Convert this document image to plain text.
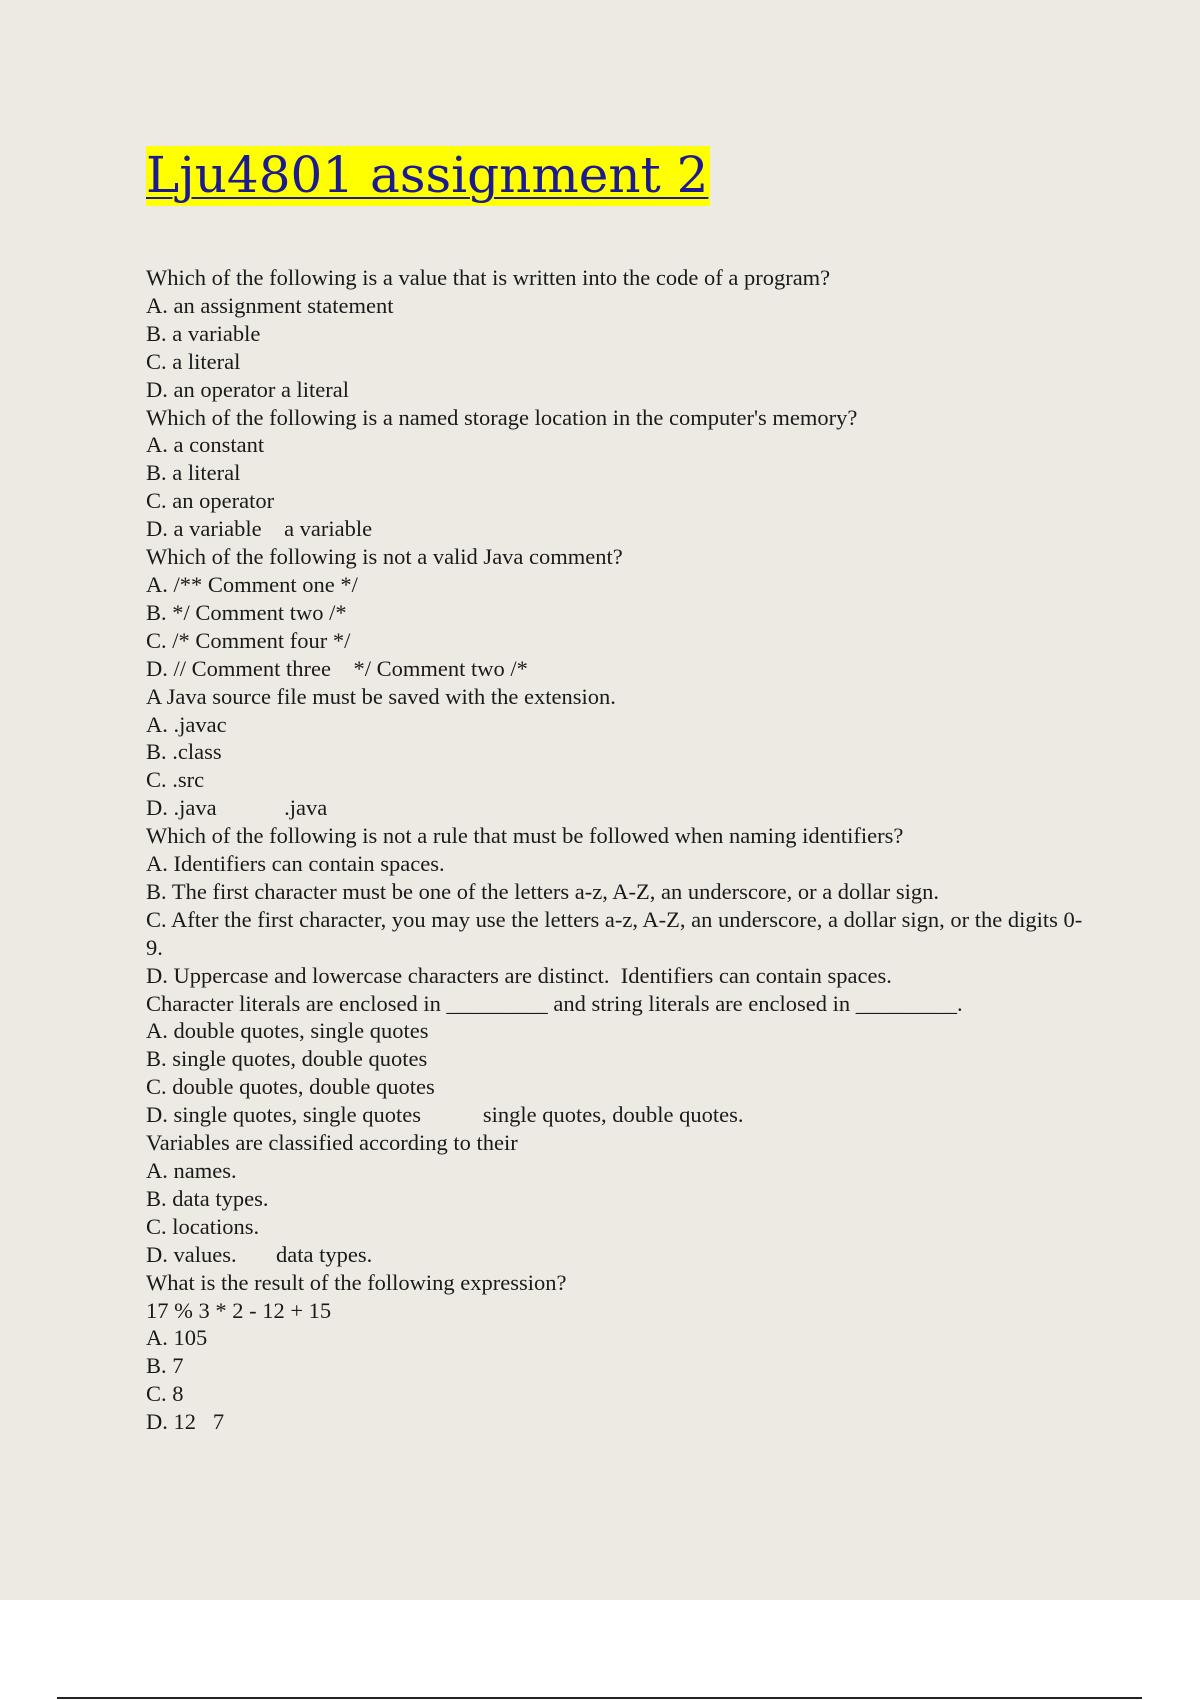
Lju4801 assignment 2

Which of the following is a value that is written into the code of a program?

A. an assignment statement

B. a variable

C. a literal

D. an operator a literal

Which of the following is a named storage location in the computer's memory?

A. a constant

B. a literal

C. an operator

D. a variable    a variable

Which of the following is not a valid Java comment?

A. /** Comment one */

B. */ Comment two /*

C. /* Comment four */

D. // Comment three    */ Comment two /*

A Java source file must be saved with the extension.

A. .javac

B. .class

C. .src

D. .java            .java

Which of the following is not a rule that must be followed when naming identifiers?

A. Identifiers can contain spaces.

B. The first character must be one of the letters a-z, A-Z, an underscore, or a dollar sign.

C. After the first character, you may use the letters a-z, A-Z, an underscore, a dollar sign, or the digits 0-9.

D. Uppercase and lowercase characters are distinct.  Identifiers can contain spaces.

Character literals are enclosed in _________ and string literals are enclosed in _________.

A. double quotes, single quotes

B. single quotes, double quotes

C. double quotes, double quotes

D. single quotes, single quotes           single quotes, double quotes.

Variables are classified according to their

A. names.

B. data types.

C. locations.

D. values.       data types.

What is the result of the following expression?

17 % 3 * 2 - 12 + 15

A. 105

B. 7

C. 8

D. 12   7
